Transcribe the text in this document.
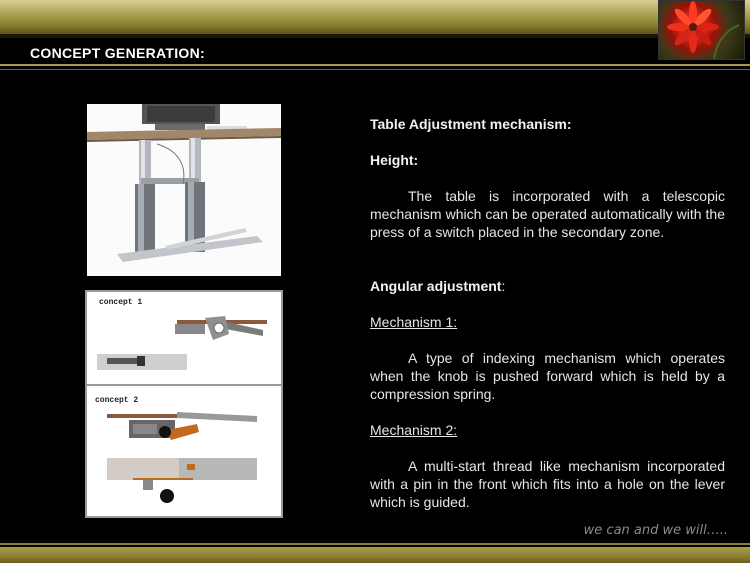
CONCEPT GENERATION:
concept 1
concept 2

Table Adjustment mechanism:

Height:

The table is incorporated with a telescopic mechanism which can be operated automatically with the press of a switch placed in the secondary zone.

Angular adjustment:

Mechanism 1:

A type of indexing mechanism which operates when the knob is pushed forward which is held by a compression spring.

Mechanism 2:

A multi-start thread like mechanism incorporated with a pin in the front which fits into a hole on the lever which is guided.

we can and we will…..
